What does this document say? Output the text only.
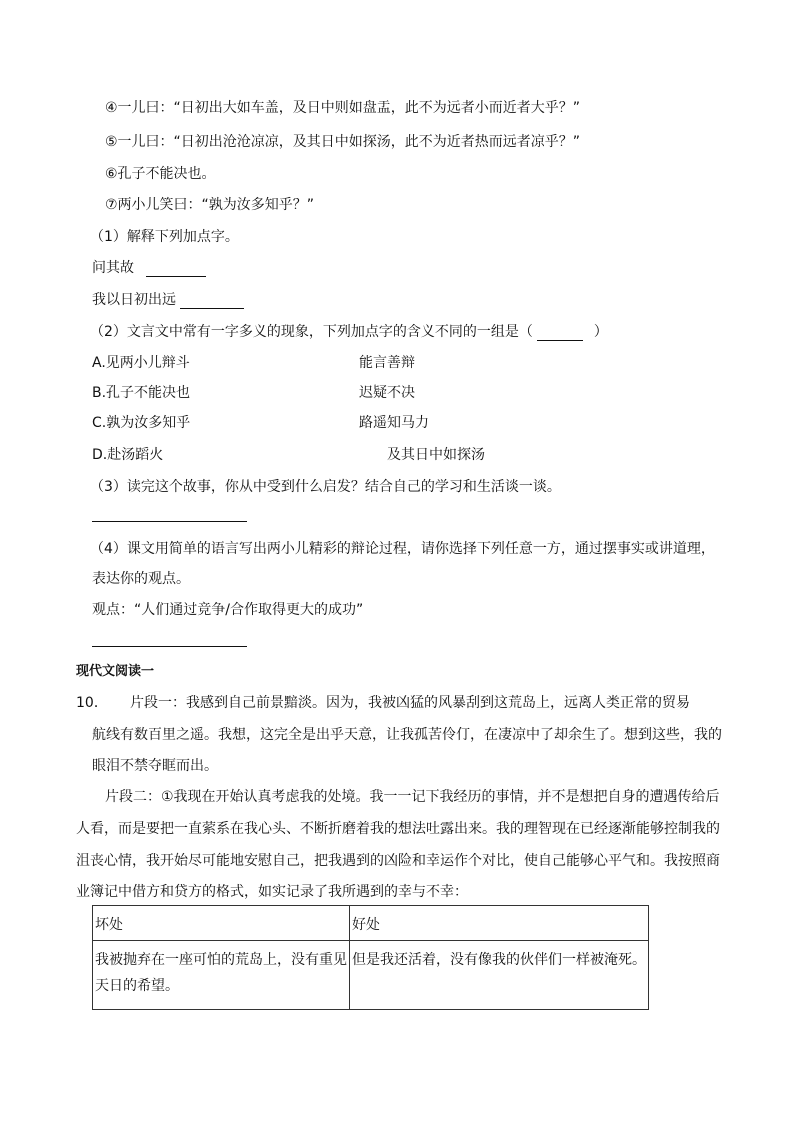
④一儿曰：“日初出大如车盖，及日中则如盘盂，此不为远者小而近者大乎？”
⑤一儿曰：“日初出沧沧凉凉，及其日中如探汤，此不为近者热而远者凉乎？”
⑥孔子不能决也。
⑦两小儿笑曰：“孰为汝多知乎？”
（1）解释下列加点字。
问其故
我以日初出远
（2）文言文中常有一字多义的现象，下列加点字的含义不同的一组是（	）
A.见两小儿辩斗	能言善辩
B.孔子不能决也	迟疑不决
C.孰为汝多知乎	路遥知马力
D.赴汤蹈火	及其日中如探汤
（3）读完这个故事，你从中受到什么启发？结合自己的学习和生活谈一谈。
（4）课文用简单的语言写出两小儿精彩的辩论过程，请你选择下列任意一方，通过摆事实或讲道理，
表达你的观点。
观点：“人们通过竞争/合作取得更大的成功”
现代文阅读一
10． 片段一：我感到自己前景黯淡。因为，我被凶猛的风暴刮到这荒岛上，远离人类正常的贸易
航线有数百里之遥。我想，这完全是出乎天意，让我孤苦伶仃，在凄凉中了却余生了。想到这些，我的
眼泪不禁夺眶而出。
片段二：①我现在开始认真考虑我的处境。我一一记下我经历的事情，并不是想把自身的遭遇传给后
人看，而是要把一直萦系在我心头、不断折磨着我的想法吐露出来。我的理智现在已经逐渐能够控制我的
沮丧心情，我开始尽可能地安慰自己，把我遇到的凶险和幸运作个对比，使自己能够心平气和。我按照商
业簿记中借方和贷方的格式，如实记录了我所遇到的幸与不幸：
坏处	好处
我被抛弃在一座可怕的荒岛上，没有重见天日的希望。	但是我还活着，没有像我的伙伴们一样被淹死。
